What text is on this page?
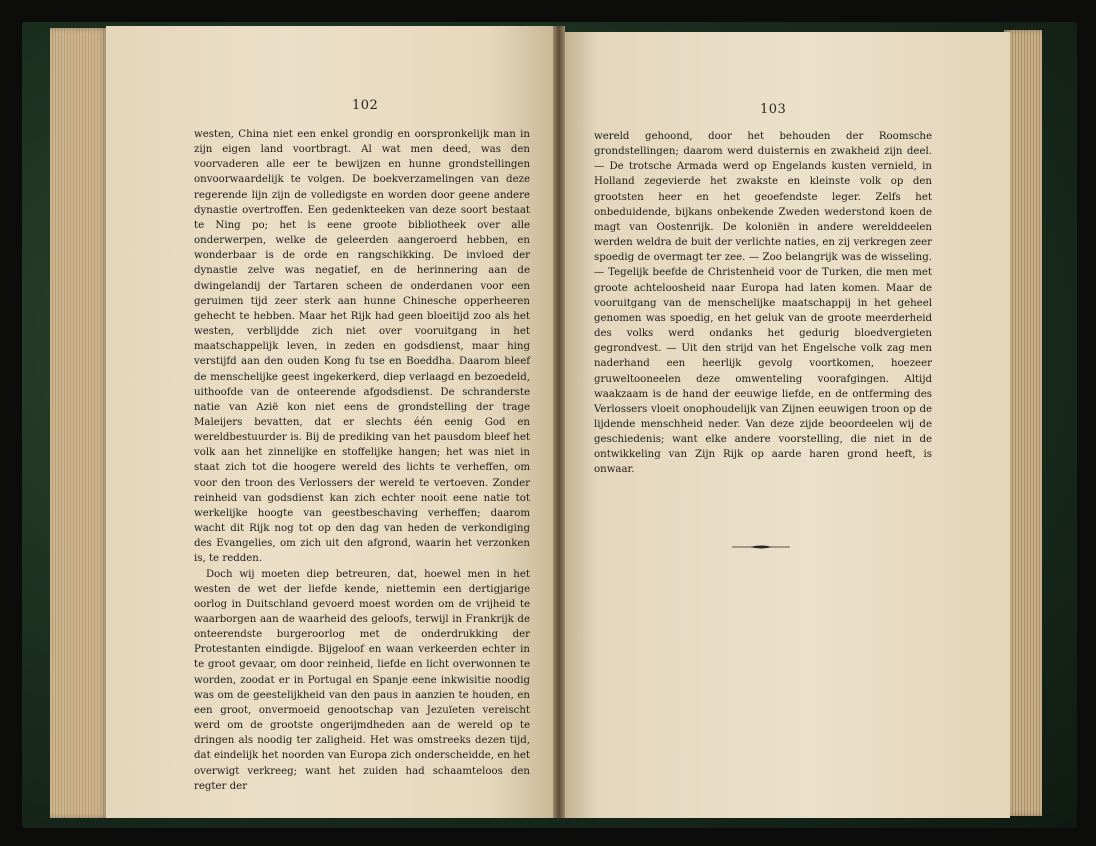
102	103

westen, China niet een enkel grondig en oorspronkelijk man in zijn eigen land voortbragt. Al wat men deed, was den voorvaderen alle eer te bewijzen en hunne grondstellingen onvoorwaardelijk te volgen. De boekverzamelingen van deze regerende lijn zijn de volledigste en worden door geene andere dynastie overtroffen. Een gedenkteeken van deze soort bestaat te Ning po; het is eene groote bibliotheek over alle onderwerpen, welke de geleerden aangeroerd hebben, en wonderbaar is de orde en rangschikking. De invloed der dynastie zelve was negatief, en de herinnering aan de dwingelandij der Tartaren scheen de onderdanen voor een geruimen tijd zeer sterk aan hunne Chinesche opperheeren gehecht te hebben. Maar het Rijk had geen bloeitijd zoo als het westen, verblijdde zich niet over vooruitgang in het maatschappelijk leven, in zeden en godsdienst, maar hing verstijfd aan den ouden Kong fu tse en Boeddha. Daarom bleef de menschelijke geest ingekerkerd, diep verlaagd en bezoedeld, uithoofde van de onteerende afgodsdienst. De schranderste natie van Azië kon niet eens de grondstelling der trage Maleijers bevatten, dat er slechts één eenig God en wereldbestuurder is. Bij de prediking van het pausdom bleef het volk aan het zinnelijke en stoffelijke hangen; het was niet in staat zich tot die hoogere wereld des lichts te verheffen, om voor den troon des Verlossers der wereld te vertoeven. Zonder reinheid van godsdienst kan zich echter nooit eene natie tot werkelijke hoogte van geestbeschaving verheffen; daarom wacht dit Rijk nog tot op den dag van heden de verkondiging des Evangelies, om zich uit den afgrond, waarin het verzonken is, te redden.

Doch wij moeten diep betreuren, dat, hoewel men in het westen de wet der liefde kende, niettemin een dertigjarige oorlog in Duitschland gevoerd moest worden om de vrijheid te waarborgen aan de waarheid des geloofs, terwijl in Frankrijk de onteerendste burgeroorlog met de onderdrukking der Protestanten eindigde. Bijgeloof en waan verkeerden echter in te groot gevaar, om door reinheid, liefde en licht overwonnen te worden, zoodat er in Portugal en Spanje eene inkwisitie noodig was om de geestelijkheid van den paus in aanzien te houden, en een groot, onvermoeid genootschap van Jezuïeten vereischt werd om de grootste ongerijmdheden aan de wereld op te dringen als noodig ter zaligheid. Het was omstreeks dezen tijd, dat eindelijk het noorden van Europa zich onderscheidde, en het overwigt verkreeg; want het zuiden had schaamteloos den regter der

wereld gehoond, door het behouden der Roomsche grondstellingen; daarom werd duisternis en zwakheid zijn deel. — De trotsche Armada werd op Engelands kusten vernield, in Holland zegevierde het zwakste en kleinste volk op den grootsten heer en het geoefendste leger. Zelfs het onbeduidende, bijkans onbekende Zweden wederstond koen de magt van Oostenrijk. De koloniën in andere werelddeelen werden weldra de buit der verlichte naties, en zij verkregen zeer spoedig de overmagt ter zee. — Zoo belangrijk was de wisseling. — Tegelijk beefde de Christenheid voor de Turken, die men met groote achteloosheid naar Europa had laten komen. Maar de vooruitgang van de menschelijke maatschappij in het geheel genomen was spoedig, en het geluk van de groote meerderheid des volks werd ondanks het gedurig bloedvergieten gegrondvest. — Uit den strijd van het Engelsche volk zag men naderhand een heerlijk gevolg voortkomen, hoezeer gruweltooneelen deze omwenteling voorafgingen. Altijd waakzaam is de hand der eeuwige liefde, en de ontferming des Verlossers vloeit onophoudelijk van Zijnen eeuwigen troon op de lijdende menschheid neder. Van deze zijde beoordeelen wij de geschiedenis; want elke andere voorstelling, die niet in de ontwikkeling van Zijn Rijk op aarde haren grond heeft, is onwaar.
